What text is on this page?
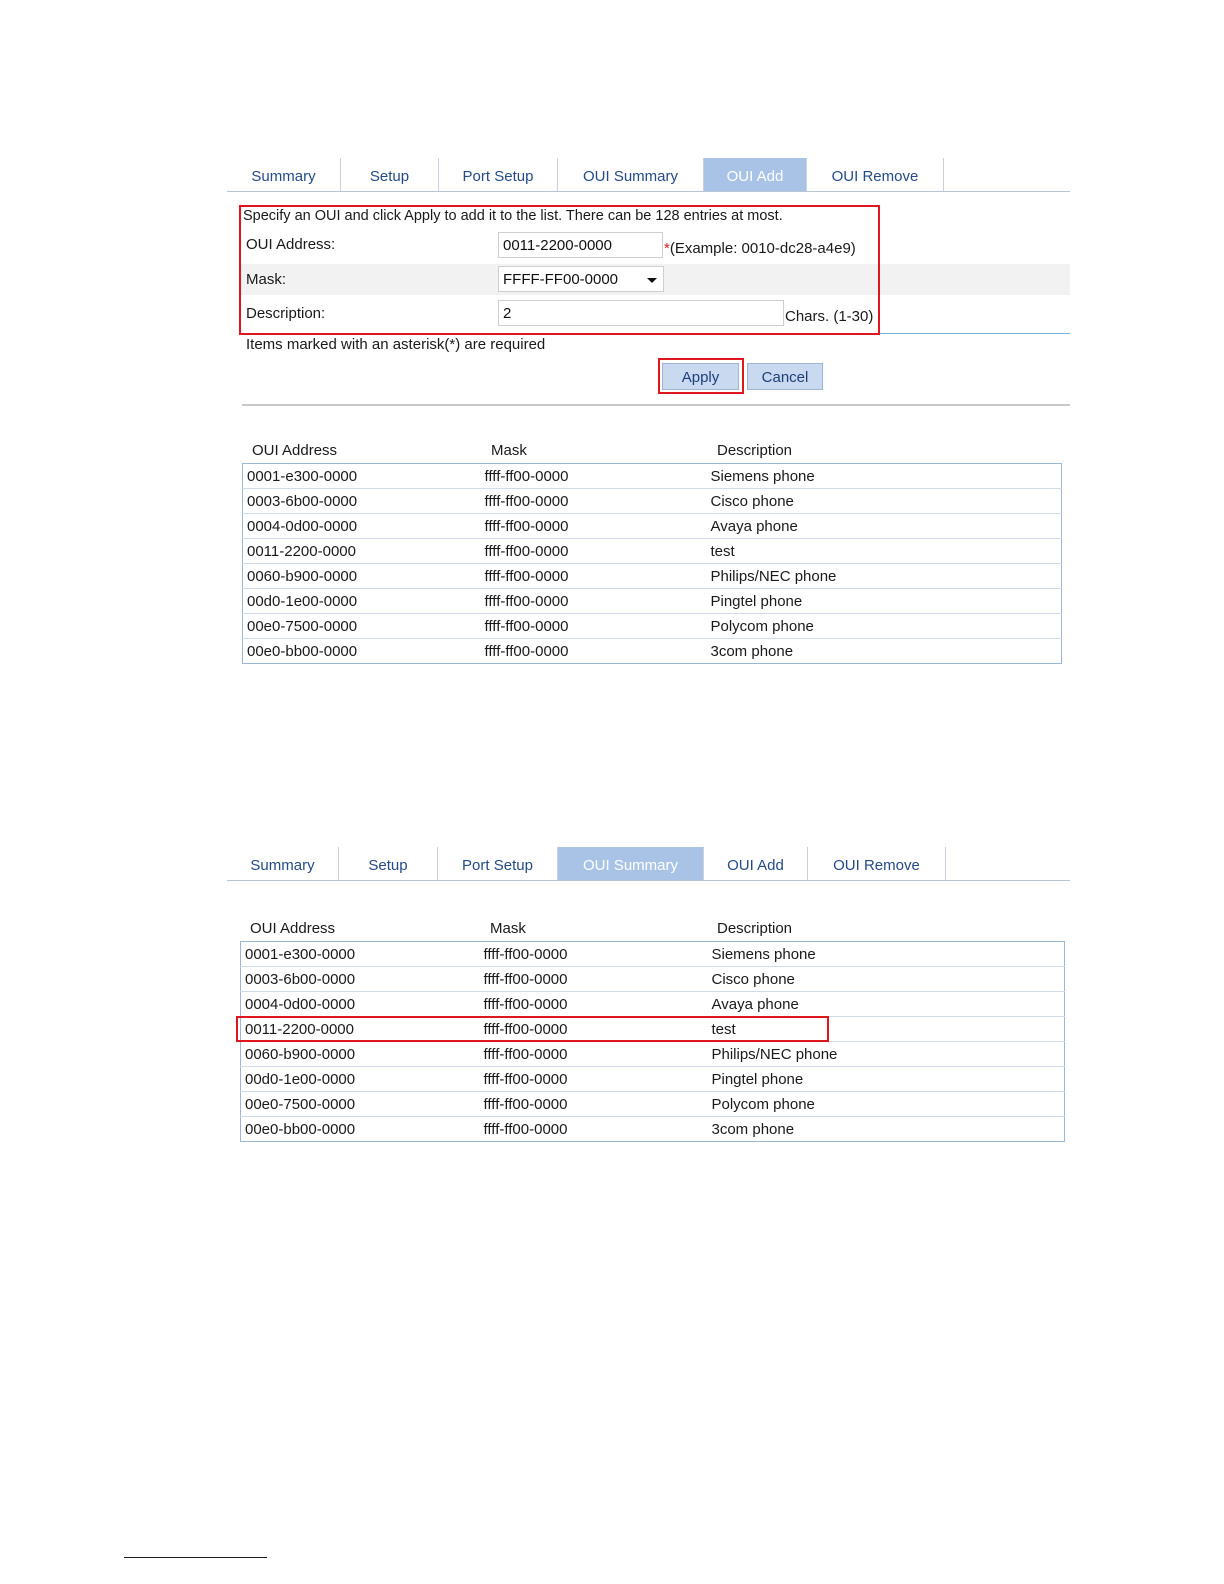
Summary	Setup	Port Setup	OUI Summary	OUI Add	OUI Remove
Specify an OUI and click Apply to add it to the list. There can be 128 entries at most.
OUI Address:
0011-2200-0000	*(Example: 0010-dc28-a4e9)
Mask:	FFFF-FF00-0000
Description:
2	Chars. (1-30)
Items marked with an asterisk(*) are required
Apply	Cancel
OUI Address	Mask	Description
0001-e300-0000	ffff-ff00-0000	Siemens phone
0003-6b00-0000	ffff-ff00-0000	Cisco phone
0004-0d00-0000	ffff-ff00-0000	Avaya phone
0011-2200-0000	ffff-ff00-0000	test
0060-b900-0000	ffff-ff00-0000	Philips/NEC phone
00d0-1e00-0000	ffff-ff00-0000	Pingtel phone
00e0-7500-0000	ffff-ff00-0000	Polycom phone
00e0-bb00-0000	ffff-ff00-0000	3com phone
Summary	Setup	Port Setup	OUI Summary	OUI Add	OUI Remove
OUI Address	Mask	Description
0001-e300-0000	ffff-ff00-0000	Siemens phone
0003-6b00-0000	ffff-ff00-0000	Cisco phone
0004-0d00-0000	ffff-ff00-0000	Avaya phone
0011-2200-0000	ffff-ff00-0000	test
0060-b900-0000	ffff-ff00-0000	Philips/NEC phone
00d0-1e00-0000	ffff-ff00-0000	Pingtel phone
00e0-7500-0000	ffff-ff00-0000	Polycom phone
00e0-bb00-0000	ffff-ff00-0000	3com phone
